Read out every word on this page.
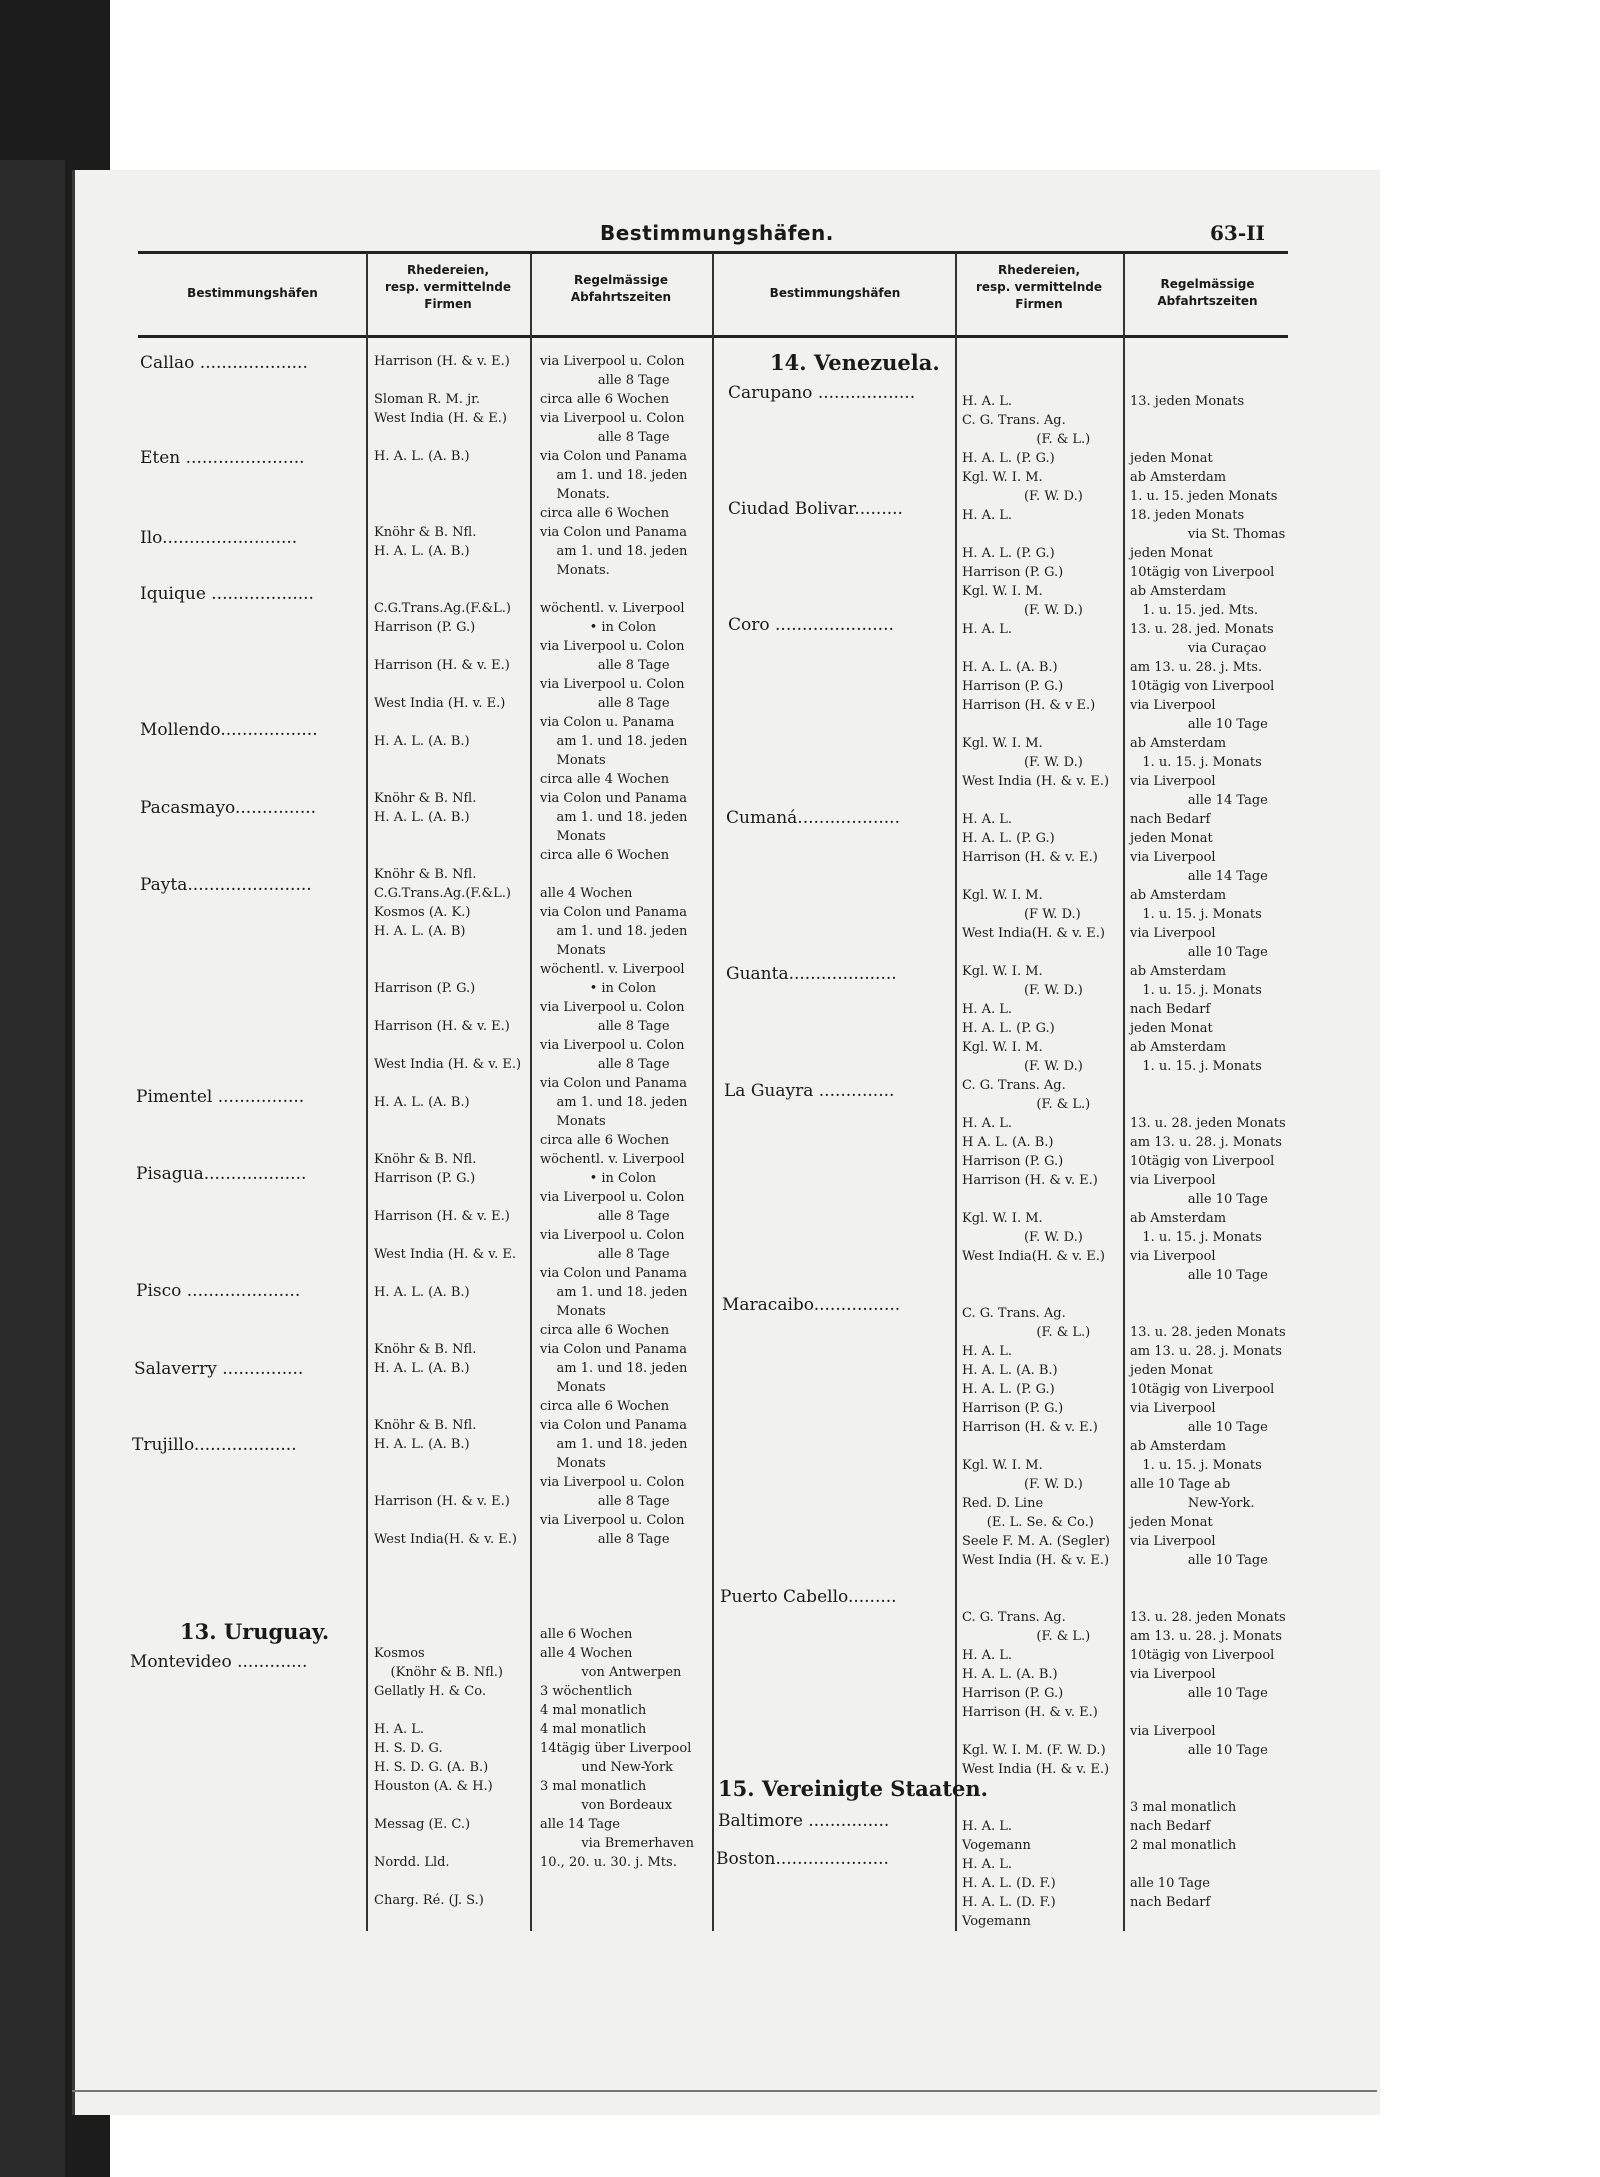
Bestimmungshäfen.	63-II
Bestimmungshäfen
Rhedereien,
resp. vermittelnde
Firmen
Regelmässige
Abfahrtszeiten	Bestimmungshäfen
Rhedereien,
resp. vermittelnde
Firmen
Regelmässige
Abfahrtszeiten
Callao ....................
Eten ......................
Ilo.........................
Iquique ...................
Mollendo..................
Pacasmayo...............
Payta.......................
Pimentel ................
Pisagua...................
Pisco .....................
Salaverry ...............
Trujillo...................
13. Uruguay.
Montevideo .............
Harrison (H. & v. E.)

Sloman R. M. jr.
West India (H. & E.)

H. A. L. (A. B.)

Knöhr & B. Nfl.
H. A. L. (A. B.)

C.G.Trans.Ag.(F.&L.)
Harrison (P. G.)

Harrison (H. & v. E.)

West India (H. v. E.)

H. A. L. (A. B.)

Knöhr & B. Nfl.
H. A. L. (A. B.)

Knöhr & B. Nfl.
C.G.Trans.Ag.(F.&L.)
Kosmos (A. K.)
H. A. L. (A. B)

Harrison (P. G.)

Harrison (H. & v. E.)

West India (H. & v. E.)

H. A. L. (A. B.)

Knöhr & B. Nfl.
Harrison (P. G.)

Harrison (H. & v. E.)

West India (H. & v. E.

H. A. L. (A. B.)

Knöhr & B. Nfl.
H. A. L. (A. B.)

Knöhr & B. Nfl.
H. A. L. (A. B.)

Harrison (H. & v. E.)

West India(H. & v. E.)

Kosmos
(Knöhr & B. Nfl.)
Gellatly H. & Co.

H. A. L.
H. S. D. G.
H. S. D. G. (A. B.)
Houston (A. & H.)

Messag (E. C.)

Nordd. Lld.

Charg. Ré. (J. S.)
via Liverpool u. Colon
alle 8 Tage
circa alle 6 Wochen
via Liverpool u. Colon
alle 8 Tage
via Colon und Panama
am 1. und 18. jeden
Monats.
circa alle 6 Wochen
via Colon und Panama
am 1. und 18. jeden
Monats.

wöchentl. v. Liverpool
• in Colon
via Liverpool u. Colon
alle 8 Tage
via Liverpool u. Colon
alle 8 Tage
via Colon u. Panama
am 1. und 18. jeden
Monats
circa alle 4 Wochen
via Colon und Panama
am 1. und 18. jeden
Monats
circa alle 6 Wochen

alle 4 Wochen
via Colon und Panama
am 1. und 18. jeden
Monats
wöchentl. v. Liverpool
• in Colon
via Liverpool u. Colon
alle 8 Tage
via Liverpool u. Colon
alle 8 Tage
via Colon und Panama
am 1. und 18. jeden
Monats
circa alle 6 Wochen
wöchentl. v. Liverpool
• in Colon
via Liverpool u. Colon
alle 8 Tage
via Liverpool u. Colon
alle 8 Tage
via Colon und Panama
am 1. und 18. jeden
Monats
circa alle 6 Wochen
via Colon und Panama
am 1. und 18. jeden
Monats
circa alle 6 Wochen
via Colon und Panama
am 1. und 18. jeden
Monats
via Liverpool u. Colon
alle 8 Tage
via Liverpool u. Colon
alle 8 Tage

alle 6 Wochen
alle 4 Wochen
von Antwerpen
3 wöchentlich
4 mal monatlich
4 mal monatlich
14tägig über Liverpool
und New-York
3 mal monatlich
von Bordeaux
alle 14 Tage
via Bremerhaven
10., 20. u. 30. j. Mts.
14. Venezuela.
Carupano ..................
Ciudad Bolivar.........
Coro ......................
Cumaná...................
Guanta....................
La Guayra ..............
Maracaibo................
Puerto Cabello.........
15. Vereinigte Staaten.
Baltimore ...............
Boston.....................

H. A. L.
C. G. Trans. Ag.
(F. & L.)
H. A. L. (P. G.)
Kgl. W. I. M.
(F. W. D.)
H. A. L.

H. A. L. (P. G.)
Harrison (P. G.)
Kgl. W. I. M.
(F. W. D.)
H. A. L.

H. A. L. (A. B.)
Harrison (P. G.)
Harrison (H. & v E.)

Kgl. W. I. M.
(F. W. D.)
West India (H. & v. E.)

H. A. L.
H. A. L. (P. G.)
Harrison (H. & v. E.)

Kgl. W. I. M.
(F W. D.)
West India(H. & v. E.)

Kgl. W. I. M.
(F. W. D.)
H. A. L.
H. A. L. (P. G.)
Kgl. W. I. M.
(F. W. D.)
C. G. Trans. Ag.
(F. & L.)
H. A. L.
H A. L. (A. B.)
Harrison (P. G.)
Harrison (H. & v. E.)

Kgl. W. I. M.
(F. W. D.)
West India(H. & v. E.)

C. G. Trans. Ag.
(F. & L.)
H. A. L.
H. A. L. (A. B.)
H. A. L. (P. G.)
Harrison (P. G.)
Harrison (H. & v. E.)

Kgl. W. I. M.
(F. W. D.)
Red. D. Line
(E. L. Se. & Co.)
Seele F. M. A. (Segler)
West India (H. & v. E.)

C. G. Trans. Ag.
(F. & L.)
H. A. L.
H. A. L. (A. B.)
Harrison (P. G.)
Harrison (H. & v. E.)

Kgl. W. I. M. (F. W. D.)
West India (H. & v. E.)

H. A. L.
Vogemann
H. A. L.
H. A. L. (D. F.)
H. A. L. (D. F.)
Vogemann

13. jeden Monats

jeden Monat
ab Amsterdam
1. u. 15. jeden Monats
18. jeden Monats
via St. Thomas
jeden Monat
10tägig von Liverpool
ab Amsterdam
1. u. 15. jed. Mts.
13. u. 28. jed. Monats
via Curaçao
am 13. u. 28. j. Mts.
10tägig von Liverpool
via Liverpool
alle 10 Tage
ab Amsterdam
1. u. 15. j. Monats
via Liverpool
alle 14 Tage
nach Bedarf
jeden Monat
via Liverpool
alle 14 Tage
ab Amsterdam
1. u. 15. j. Monats
via Liverpool
alle 10 Tage
ab Amsterdam
1. u. 15. j. Monats
nach Bedarf
jeden Monat
ab Amsterdam
1. u. 15. j. Monats

13. u. 28. jeden Monats
am 13. u. 28. j. Monats
10tägig von Liverpool
via Liverpool
alle 10 Tage
ab Amsterdam
1. u. 15. j. Monats
via Liverpool
alle 10 Tage

13. u. 28. jeden Monats
am 13. u. 28. j. Monats
jeden Monat
10tägig von Liverpool
via Liverpool
alle 10 Tage
ab Amsterdam
1. u. 15. j. Monats
alle 10 Tage ab
New-York.
jeden Monat
via Liverpool
alle 10 Tage

13. u. 28. jeden Monats
am 13. u. 28. j. Monats
10tägig von Liverpool
via Liverpool
alle 10 Tage

via Liverpool
alle 10 Tage

3 mal monatlich
nach Bedarf
2 mal monatlich

alle 10 Tage
nach Bedarf
